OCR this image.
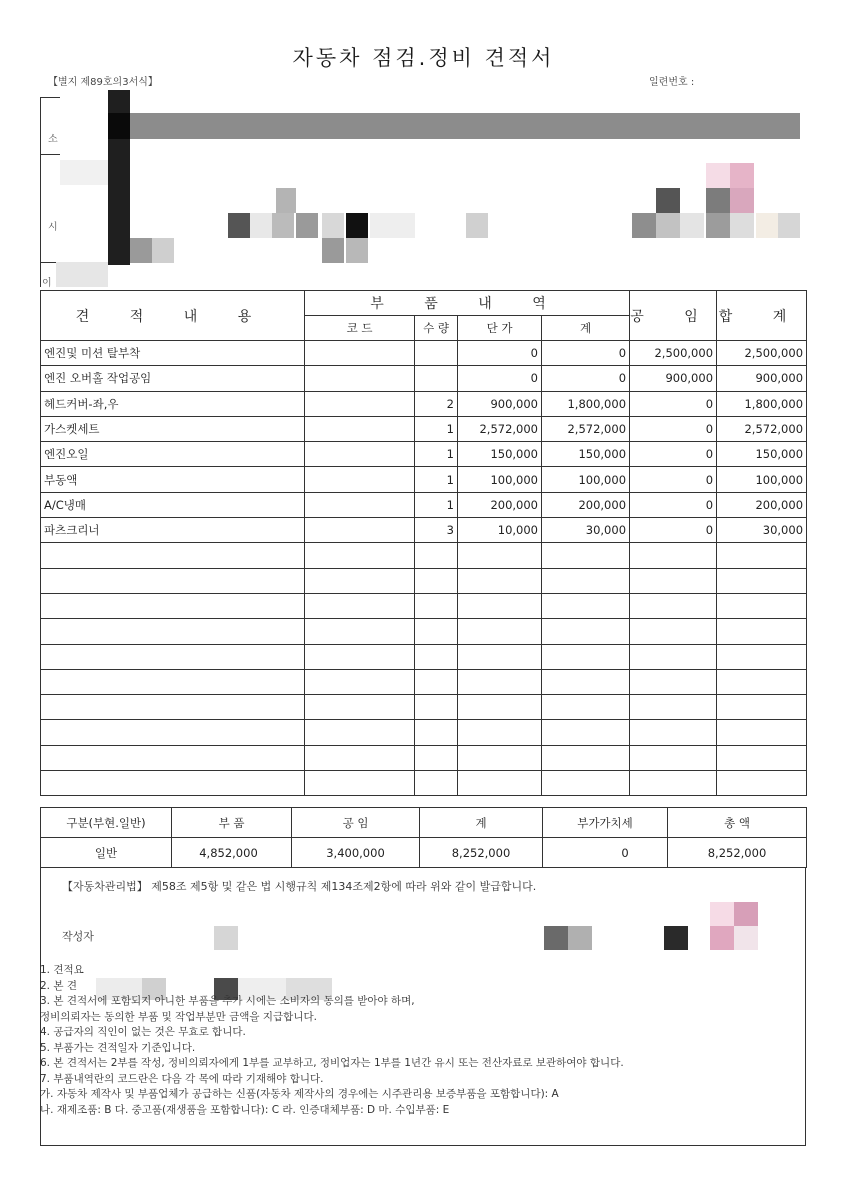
자동차 점검.정비 견적서
【별지 제89호의3서식】	일련번호 :
소
시
이
견 적 내 용	부 품 내 역				공 임	합 계
	코 드	수 량	단 가	계		
엔진및 미션 탈부착			0	0	2,500,000	2,500,000
엔진 오버홀 작업공임			0	0	900,000	900,000
헤드커버-좌,우		2	900,000	1,800,000	0	1,800,000
가스켓세트		1	2,572,000	2,572,000	0	2,572,000
엔진오일		1	150,000	150,000	0	150,000
부동액		1	100,000	100,000	0	100,000
A/C냉매		1	200,000	200,000	0	200,000
파츠크리너		3	10,000	30,000	0	30,000

구분(부현.일반)	부 품	공 임	계	부가가치세	총 액
일반	4,852,000	3,400,000	8,252,000	0	8,252,000
【자동차관리법】 제58조 제5항 및 같은 법 시행규칙 제134조제2항에 따라 위와 같이 발급합니다.
작성자
1. 견적요
2. 본 견
3. 본 견적서에 포함되지 아니한 부품을 추가 시에는 소비자의 동의를 받아야 하며,
정비의뢰자는 동의한 부품 및 작업부분만 금액을 지급합니다.
4. 공급자의 직인이 없는 것은 무효로 합니다.
5. 부품가는 견적일자 기준입니다.
6. 본 견적서는 2부를 작성, 정비의뢰자에게 1부를 교부하고, 정비업자는 1부를 1년간 유시 또는 전산자료로 보관하여야 합니다.
7. 부품내역란의 코드란은 다음 각 목에 따라 기재해야 합니다.
가. 자동차 제작사 및 부품업체가 공급하는 신품(자동차 제작사의 경우에는 시주관리용 보증부품을 포함합니다): A
나. 재제조품: B 다. 중고품(재생품을 포함합니다): C 라. 인증대체부품: D 마. 수입부품: E
